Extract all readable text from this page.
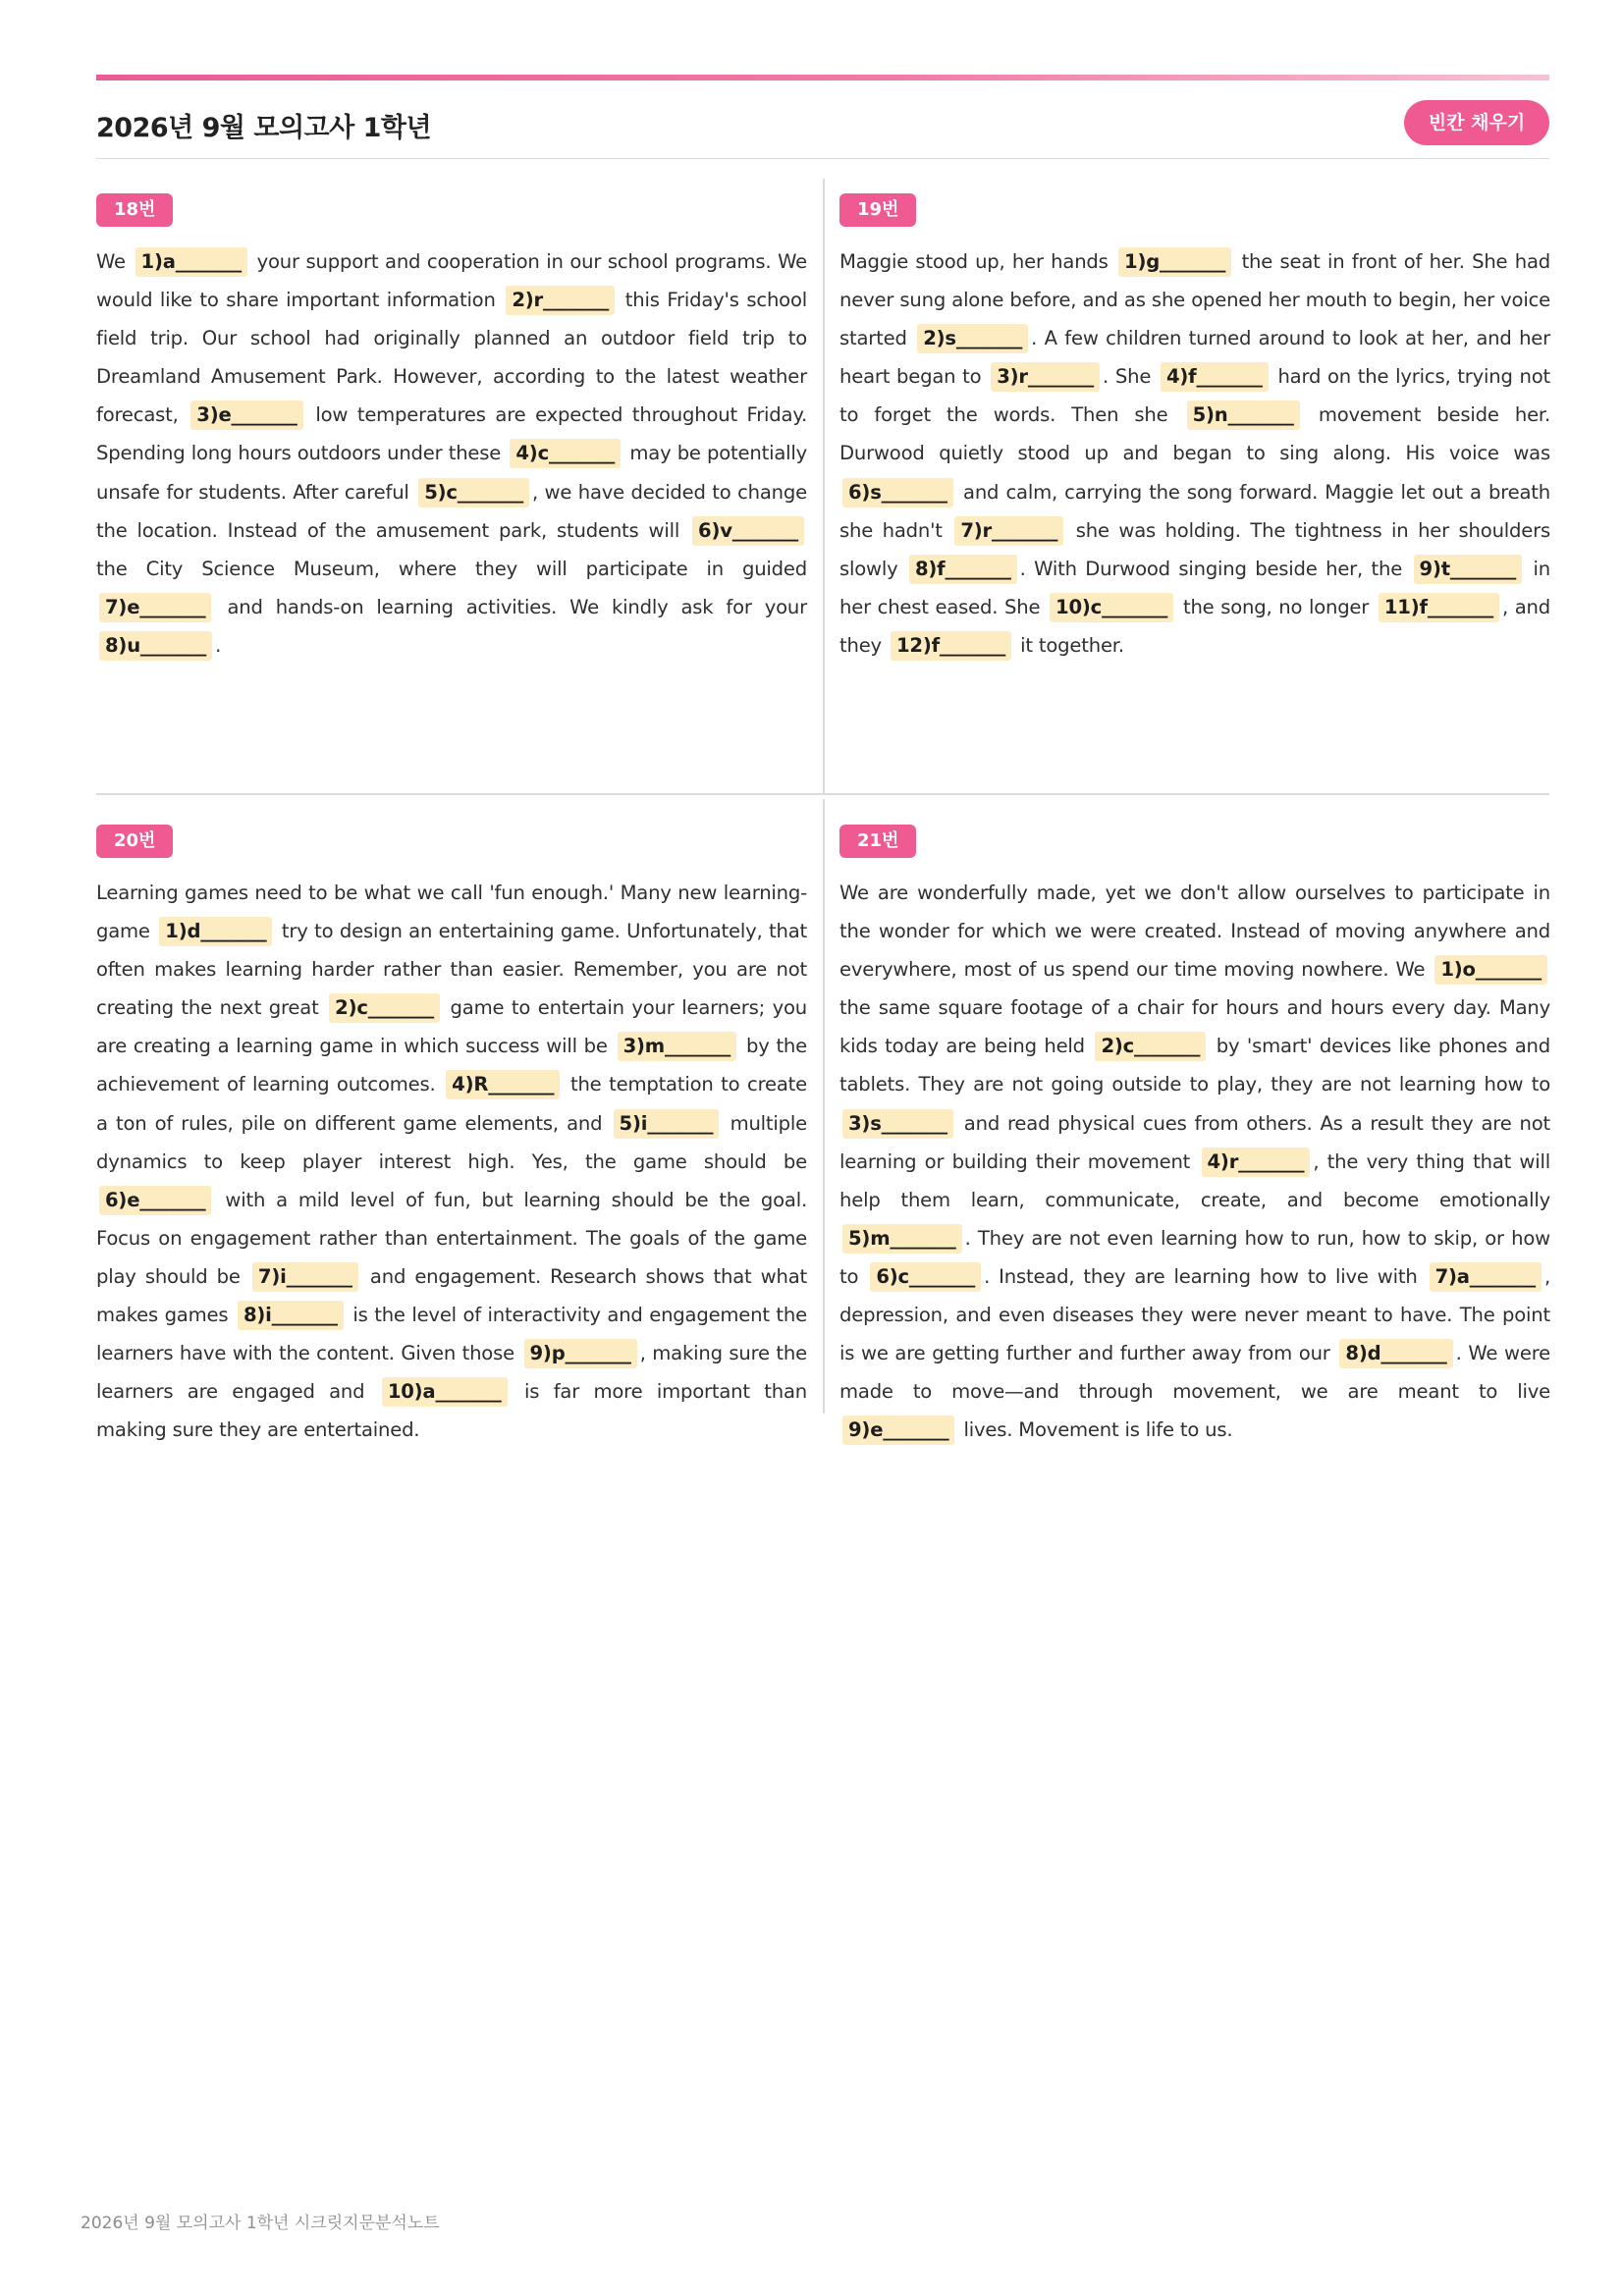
2026년 9월 모의고사 1학년	빈칸 채우기
18번
We 1)a_______ your support and cooperation in our school programs. We would like to share important information 2)r_______ this Friday's school field trip. Our school had originally planned an outdoor field trip to Dreamland Amusement Park. However, according to the latest weather forecast, 3)e_______ low temperatures are expected throughout Friday. Spending long hours outdoors under these 4)c_______ may be potentially unsafe for students. After careful 5)c_______ , we have decided to change the location. Instead of the amusement park, students will 6)v_______ the City Science Museum, where they will participate in guided 7)e_______ and hands-on learning activities. We kindly ask for your 8)u_______ .
19번
Maggie stood up, her hands 1)g_______ the seat in front of her. She had never sung alone before, and as she opened her mouth to begin, her voice started 2)s_______ . A few children turned around to look at her, and her heart began to 3)r_______ . She 4)f_______ hard on the lyrics, trying not to forget the words. Then she 5)n_______ movement beside her. Durwood quietly stood up and began to sing along. His voice was 6)s_______ and calm, carrying the song forward. Maggie let out a breath she hadn't 7)r_______ she was holding. The tightness in her shoulders slowly 8)f_______ . With Durwood singing beside her, the 9)t_______ in her chest eased. She 10)c_______ the song, no longer 11)f_______ , and they 12)f_______ it together.
20번
Learning games need to be what we call 'fun enough.' Many new learning-game 1)d_______ try to design an entertaining game. Unfortunately, that often makes learning harder rather than easier. Remember, you are not creating the next great 2)c_______ game to entertain your learners; you are creating a learning game in which success will be 3)m_______ by the achievement of learning outcomes. 4)R_______ the temptation to create a ton of rules, pile on different game elements, and 5)i_______ multiple dynamics to keep player interest high. Yes, the game should be 6)e_______ with a mild level of fun, but learning should be the goal. Focus on engagement rather than entertainment. The goals of the game play should be 7)i_______ and engagement. Research shows that what makes games 8)i_______ is the level of interactivity and engagement the learners have with the content. Given those 9)p_______ , making sure the learners are engaged and 10)a_______ is far more important than making sure they are entertained.
21번
We are wonderfully made, yet we don't allow ourselves to participate in the wonder for which we were created. Instead of moving anywhere and everywhere, most of us spend our time moving nowhere. We 1)o_______ the same square footage of a chair for hours and hours every day. Many kids today are being held 2)c_______ by 'smart' devices like phones and tablets. They are not going outside to play, they are not learning how to 3)s_______ and read physical cues from others. As a result they are not learning or building their movement 4)r_______ , the very thing that will help them learn, communicate, create, and become emotionally 5)m_______ . They are not even learning how to run, how to skip, or how to 6)c_______ . Instead, they are learning how to live with 7)a_______ , depression, and even diseases they were never meant to have. The point is we are getting further and further away from our 8)d_______ . We were made to move—and through movement, we are meant to live 9)e_______ lives. Movement is life to us.
2026년 9월 모의고사 1학년 시크릿지문분석노트
